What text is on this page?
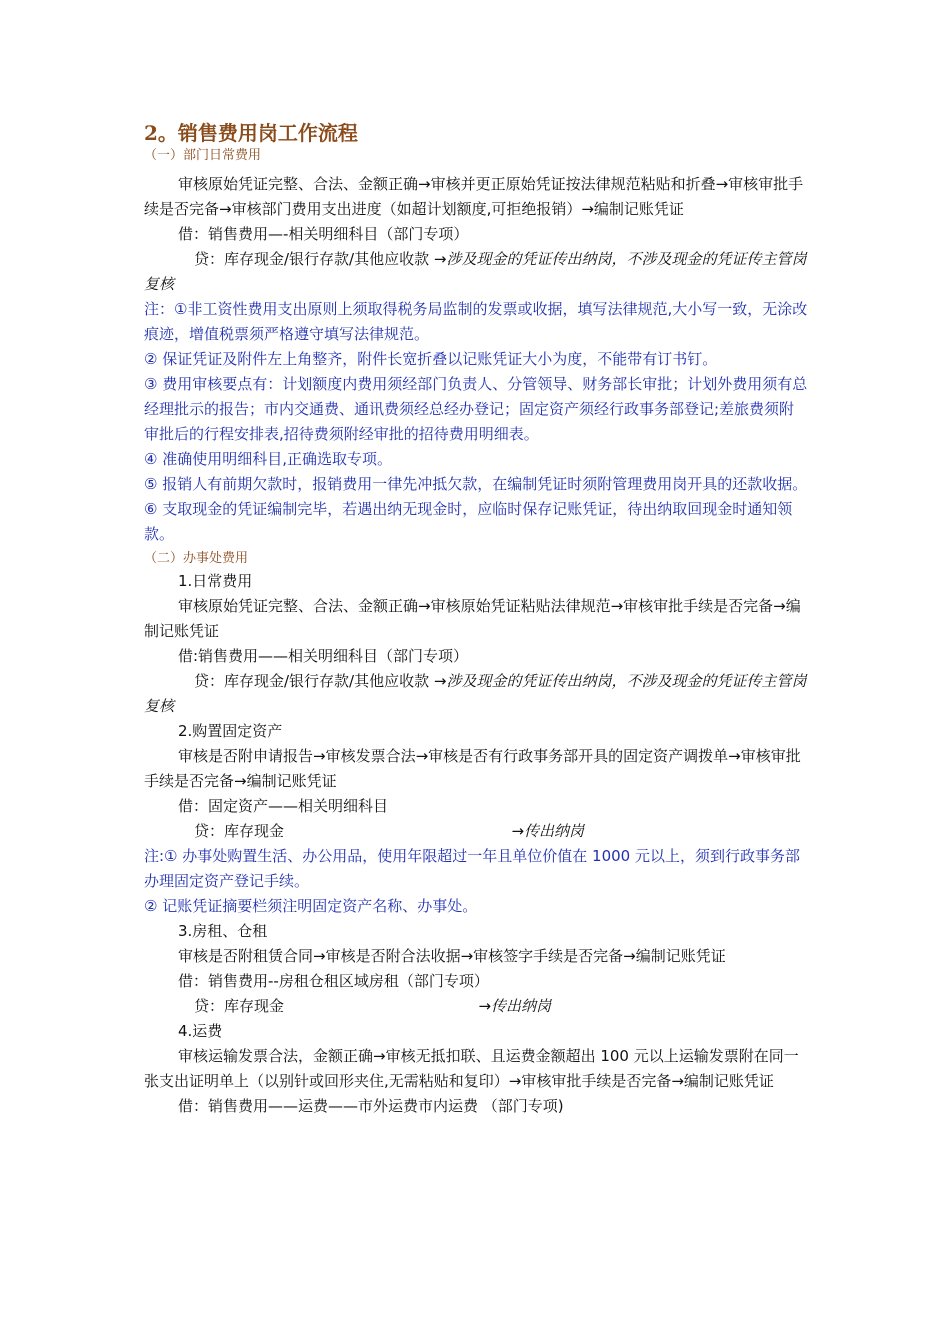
2。销售费用岗工作流程

（一）部门日常费用

审核原始凭证完整、合法、金额正确→审核并更正原始凭证按法律规范粘贴和折叠→审核审批手续是否完备→审核部门费用支出进度（如超计划额度,可拒绝报销）→编制记账凭证

借：销售费用—-相关明细科目（部门专项）

贷：库存现金/银行存款/其他应收款 →涉及现金的凭证传出纳岗，不涉及现金的凭证传主管岗复核

注：①非工资性费用支出原则上须取得税务局监制的发票或收据，填写法律规范,大小写一致，无涂改痕迹，增值税票须严格遵守填写法律规范。

② 保证凭证及附件左上角整齐，附件长宽折叠以记账凭证大小为度，不能带有订书钉。

③ 费用审核要点有：计划额度内费用须经部门负责人、分管领导、财务部长审批；计划外费用须有总经理批示的报告；市内交通费、通讯费须经总经办登记；固定资产须经行政事务部登记;差旅费须附审批后的行程安排表,招待费须附经审批的招待费用明细表。

④ 准确使用明细科目,正确选取专项。

⑤ 报销人有前期欠款时，报销费用一律先冲抵欠款，在编制凭证时须附管理费用岗开具的还款收据。

⑥ 支取现金的凭证编制完毕，若遇出纳无现金时，应临时保存记账凭证，待出纳取回现金时通知领款。

（二）办事处费用

1.日常费用

审核原始凭证完整、合法、金额正确→审核原始凭证粘贴法律规范→审核审批手续是否完备→编制记账凭证

借:销售费用——相关明细科目（部门专项）

贷：库存现金/银行存款/其他应收款 →涉及现金的凭证传出纳岗，不涉及现金的凭证传主管岗复核

2.购置固定资产

审核是否附申请报告→审核发票合法→审核是否有行政事务部开具的固定资产调拨单→审核审批手续是否完备→编制记账凭证

借：固定资产——相关明细科目

贷：库存现金	→传出纳岗

注:① 办事处购置生活、办公用品，使用年限超过一年且单位价值在 1000 元以上，须到行政事务部办理固定资产登记手续。

② 记账凭证摘要栏须注明固定资产名称、办事处。

3.房租、仓租

审核是否附租赁合同→审核是否附合法收据→审核签字手续是否完备→编制记账凭证

借：销售费用--房租仓租区域房租（部门专项）

贷：库存现金	→传出纳岗

4.运费

审核运输发票合法，金额正确→审核无抵扣联、且运费金额超出 100 元以上运输发票附在同一张支出证明单上（以别针或回形夹住,无需粘贴和复印）→审核审批手续是否完备→编制记账凭证

借：销售费用——运费——市外运费市内运费 （部门专项)
